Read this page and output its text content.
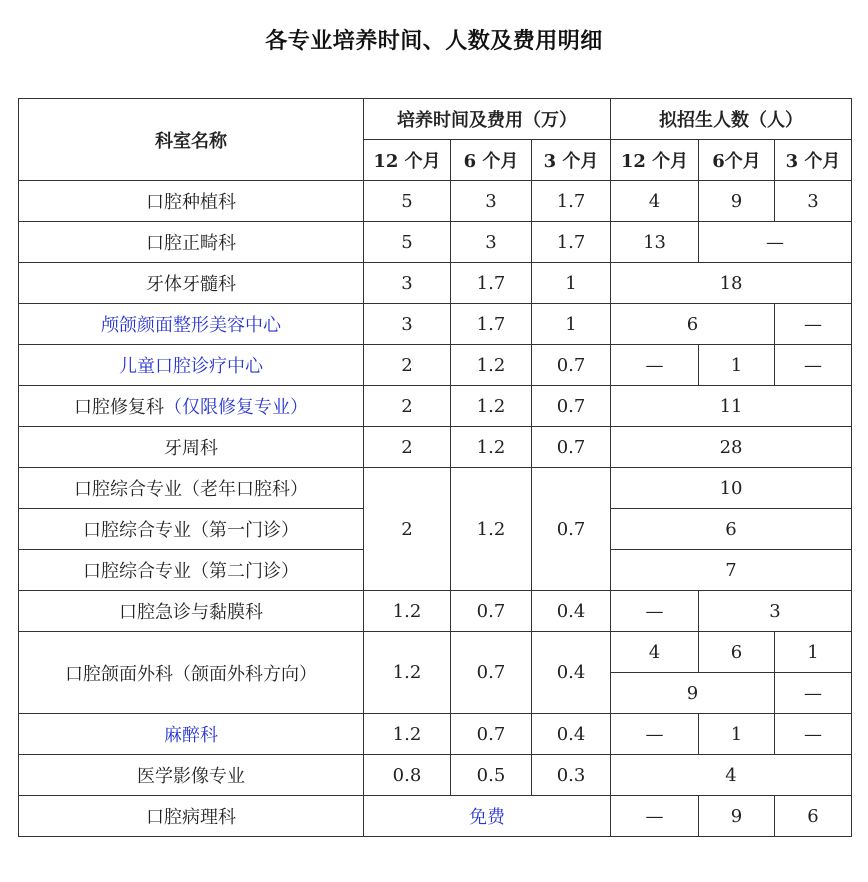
各专业培养时间、人数及费用明细
科室名称	培养时间及费用（万）			拟招生人数（人）		
	12 个月	6 个月	3 个月	12 个月	6个月	3 个月
口腔种植科	5	3	1.7	4	9	3
口腔正畸科	5	3	1.7	13	—	
牙体牙髓科	3	1.7	1	18		
颅颌颜面整形美容中心	3	1.7	1	6		—
儿童口腔诊疗中心	2	1.2	0.7	—	1	—
口腔修复科（仅限修复专业）	2	1.2	0.7	11		
牙周科	2	1.2	0.7	28		
口腔综合专业（老年口腔科）	2	1.2	0.7	10		
口腔综合专业（第一门诊）				6		
口腔综合专业（第二门诊）				7		
口腔急诊与黏膜科	1.2	0.7	0.4	—	3	
口腔颌面外科（颌面外科方向）	1.2	0.7	0.4	4	6	1
				9		—
麻醉科	1.2	0.7	0.4	—	1	—
医学影像专业	0.8	0.5	0.3	4		
口腔病理科	免费			—	9	6
